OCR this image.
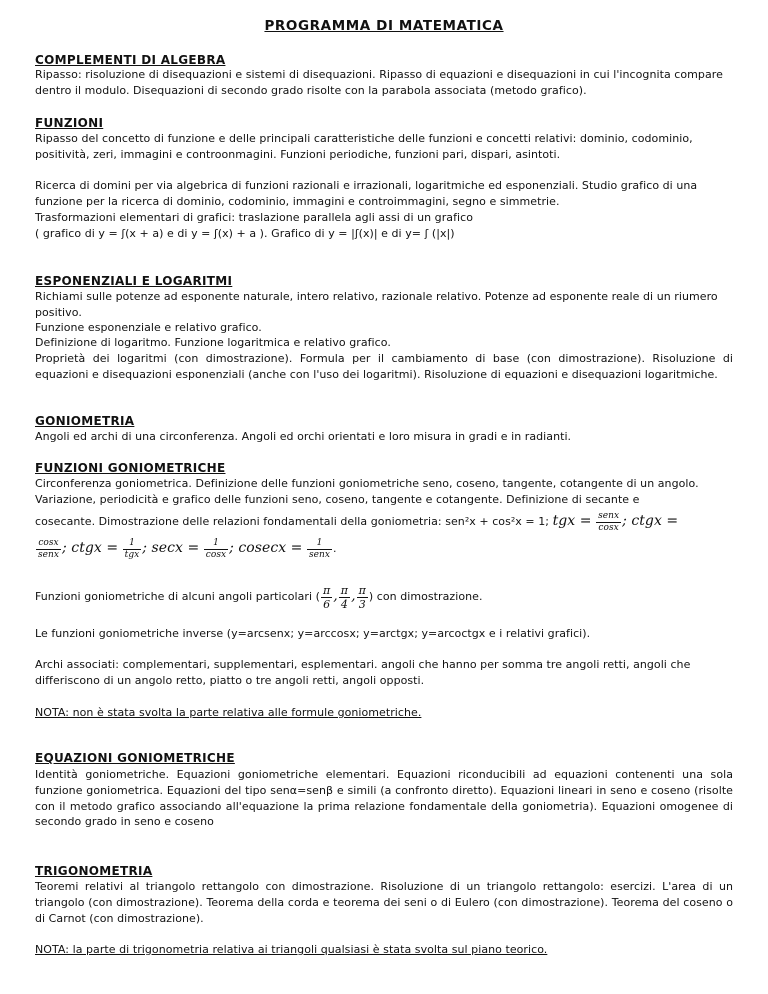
PROGRAMMA DI MATEMATICA
COMPLEMENTI DI ALGEBRA

Ripasso: risoluzione di disequazioni e sistemi di disequazioni. Ripasso di equazioni e disequazioni in cui l'incognita compare dentro il modulo. Disequazioni di secondo grado risolte con la parabola associata (metodo grafico).

FUNZIONI

Ripasso del concetto di funzione e delle principali caratteristiche delle funzioni e concetti relativi: dominio, codominio, positività, zeri, immagini e controonmagini. Funzioni periodiche, funzioni pari, dispari, asintoti.

Ricerca di domini per via algebrica di funzioni razionali e irrazionali, logaritmiche ed esponenziali. Studio grafico di una funzione per la ricerca di dominio, codominio, immagini e controimmagini, segno e simmetrie.

Trasformazioni elementari di grafici: traslazione parallela agli assi di un grafico

( grafico di y = ʃ(x + a) e di y = ʃ(x) + a ). Grafico di y = |ʃ(x)| e di y= ʃ (|x|)

ESPONENZIALI E LOGARITMI

Richiami sulle potenze ad esponente naturale, intero relativo, razionale relativo. Potenze ad esponente reale di un riumero positivo.

Funzione esponenziale e relativo grafico.

Definizione di logaritmo. Funzione logaritmica e relativo grafico.

Proprietà dei logaritmi (con dimostrazione). Formula per il cambiamento di base (con dimostrazione). Risoluzione di equazioni e disequazioni esponenziali (anche con l'uso dei logaritmi). Risoluzione di equazioni e disequazioni logaritmiche.

GONIOMETRIA

Angoli ed archi di una circonferenza. Angoli ed orchi orientati e loro misura in gradi e in radianti.

FUNZIONI GONIOMETRICHE

Circonferenza goniometrica. Definizione delle funzioni goniometriche seno, coseno, tangente, cotangente di un angolo. Variazione, periodicità e grafico delle funzioni seno, coseno, tangente e cotangente. Definizione di secante e

cosecante. Dimostrazione delle relazioni fondamentali della goniometria: sen²x + cos²x = 1; tgx = $\frac{\text{senx}}{\cos x}$ ; ctgx =
$\frac{\cos x}{\text{senx}}$ ; ctgx = $\frac{1}{\text{tgx}}$ ; $\sec x = \frac{1}{\cos x}$ ; $cosecx = \frac{1}{\text{senx}}$ .
Funzioni goniometriche di alcuni angoli particolari ( $\frac{\pi}{6}$ , $\frac{\pi}{4}$ , $\frac{\pi}{3}$ ) con dimostrazione.

Le funzioni goniometriche inverse (y=arcsenx; y=arccosx; y=arctgx; y=arcoctgx e i relativi grafici).

Archi associati: complementari, supplementari, esplementari. angoli che hanno per somma tre angoli retti, angoli che differiscono di un angolo retto, piatto o tre angoli retti, angoli opposti.

NOTA: non è stata svolta la parte relativa alle formule goniometriche.

EQUAZIONI GONIOMETRICHE

Identità goniometriche. Equazioni goniometriche elementari. Equazioni riconducibili ad equazioni contenenti una sola funzione goniometrica. Equazioni del tipo senα=senβ e simili (a confronto diretto). Equazioni lineari in seno e coseno (risolte con il metodo grafico associando all'equazione la prima relazione fondamentale della goniometria). Equazioni omogenee di secondo grado in seno e coseno

TRIGONOMETRIA

Teoremi relativi al triangolo rettangolo con dimostrazione. Risoluzione di un triangolo rettangolo: esercizi. L'area di un triangolo (con dimostrazione). Teorema della corda e teorema dei seni o di Eulero (con dimostrazione). Teorema del coseno o di Carnot (con dimostrazione).

NOTA: la parte di trigonometria relativa ai triangoli qualsiasi è stata svolta sul piano teorico.
